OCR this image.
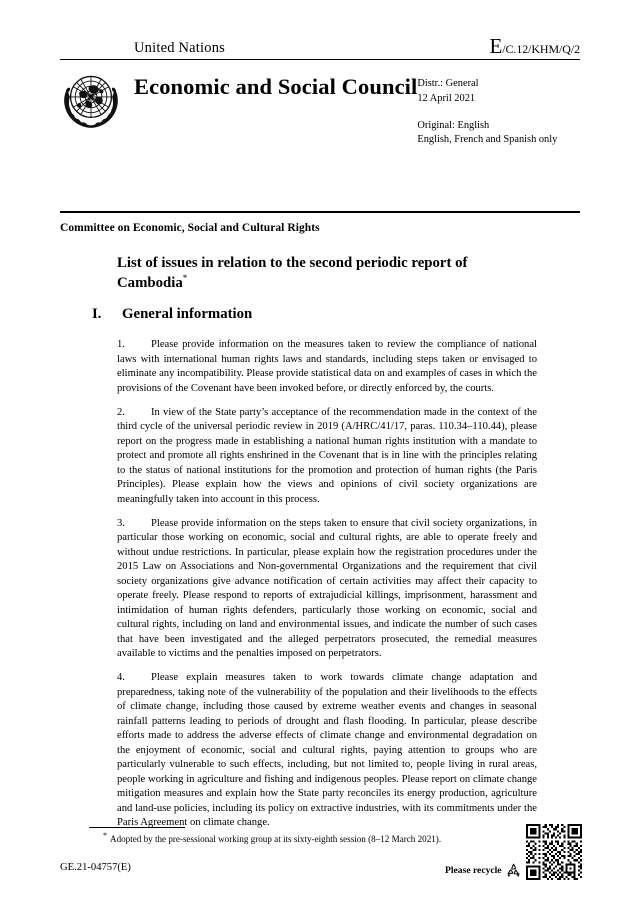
United Nations	E/C.12/KHM/Q/2
Economic and Social Council Distr.: General
12 April 2021
Original: English
English, French and Spanish only
Committee on Economic, Social and Cultural Rights
List of issues in relation to the second periodic report of Cambodia*
I.	General information

1. Please provide information on the measures taken to review the compliance of national laws with international human rights laws and standards, including steps taken or envisaged to eliminate any incompatibility. Please provide statistical data on and examples of cases in which the provisions of the Covenant have been invoked before, or directly enforced by, the courts.

2. In view of the State party’s acceptance of the recommendation made in the context of the third cycle of the universal periodic review in 2019 (A/HRC/41/17, paras. 110.34–110.44), please report on the progress made in establishing a national human rights institution with a mandate to protect and promote all rights enshrined in the Covenant that is in line with the principles relating to the status of national institutions for the promotion and protection of human rights (the Paris Principles). Please explain how the views and opinions of civil society organizations are meaningfully taken into account in this process.

3. Please provide information on the steps taken to ensure that civil society organizations, in particular those working on economic, social and cultural rights, are able to operate freely and without undue restrictions. In particular, please explain how the registration procedures under the 2015 Law on Associations and Non-governmental Organizations and the requirement that civil society organizations give advance notification of certain activities may affect their capacity to operate freely. Please respond to reports of extrajudicial killings, imprisonment, harassment and intimidation of human rights defenders, particularly those working on economic, social and cultural rights, including on land and environmental issues, and indicate the number of such cases that have been investigated and the alleged perpetrators prosecuted, the remedial measures available to victims and the penalties imposed on perpetrators.

4. Please explain measures taken to work towards climate change adaptation and preparedness, taking note of the vulnerability of the population and their livelihoods to the effects of climate change, including those caused by extreme weather events and changes in seasonal rainfall patterns leading to periods of drought and flash flooding. In particular, please describe efforts made to address the adverse effects of climate change and environmental degradation on the enjoyment of economic, social and cultural rights, paying attention to groups who are particularly vulnerable to such effects, including, but not limited to, people living in rural areas, people working in agriculture and fishing and indigenous peoples. Please report on climate change mitigation measures and explain how the State party reconciles its energy production, agriculture and land-use policies, including its policy on extractive industries, with its commitments under the Paris Agreement on climate change.

* Adopted by the pre-sessional working group at its sixty-eighth session (8–12 March 2021).
GE.21-04757(E)	Please recycle
